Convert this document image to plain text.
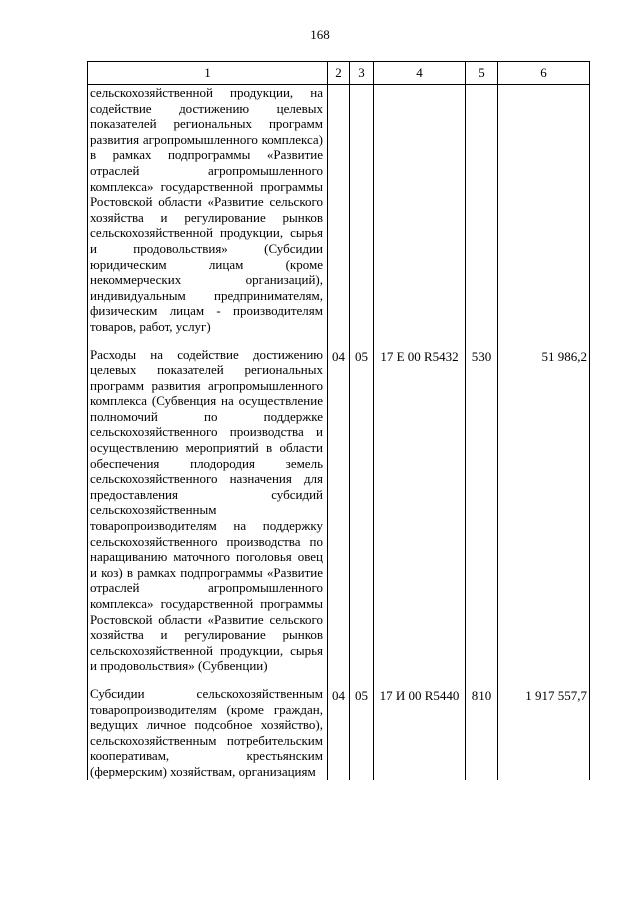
168
1	2	3	4	5	6
сельскохозяйственной продукции, на содействие достижению целевых показателей региональных программ развития агропромышленного комплекса) в рамках подпрограммы «Развитие отраслей агропромышленного комплекса» государственной программы Ростовской области «Развитие сельского хозяйства и регулирование рынков сельскохозяйственной продукции, сырья и продовольствия» (Субсидии юридическим лицам (кроме некоммерческих организаций), индивидуальным предпринимателям, физическим лицам - производителям товаров, работ, услуг)					
Расходы на содействие достижению целевых показателей региональных программ развития агропромышленного комплекса (Субвенция на осуществление полномочий по поддержке сельскохозяйственного производства и осуществлению мероприятий в области обеспечения плодородия земель сельскохозяйственного назначения для предоставления субсидий сельскохозяйственным товаропроизводителям на поддержку сельскохозяйственного производства по наращиванию маточного поголовья овец и коз) в рамках подпрограммы «Развитие отраслей агропромышленного комплекса» государственной программы Ростовской области «Развитие сельского хозяйства и регулирование рынков сельскохозяйственной продукции, сырья и продовольствия» (Субвенции)	04	05	17 Е 00 R5432	530	51 986,2
Субсидии сельскохозяйственным товаропроизводителям (кроме граждан, ведущих личное подсобное хозяйство), сельскохозяйственным потребительским кооперативам, крестьянским (фермерским) хозяйствам, организациям	04	05	17 И 00 R5440	810	1 917 557,7
